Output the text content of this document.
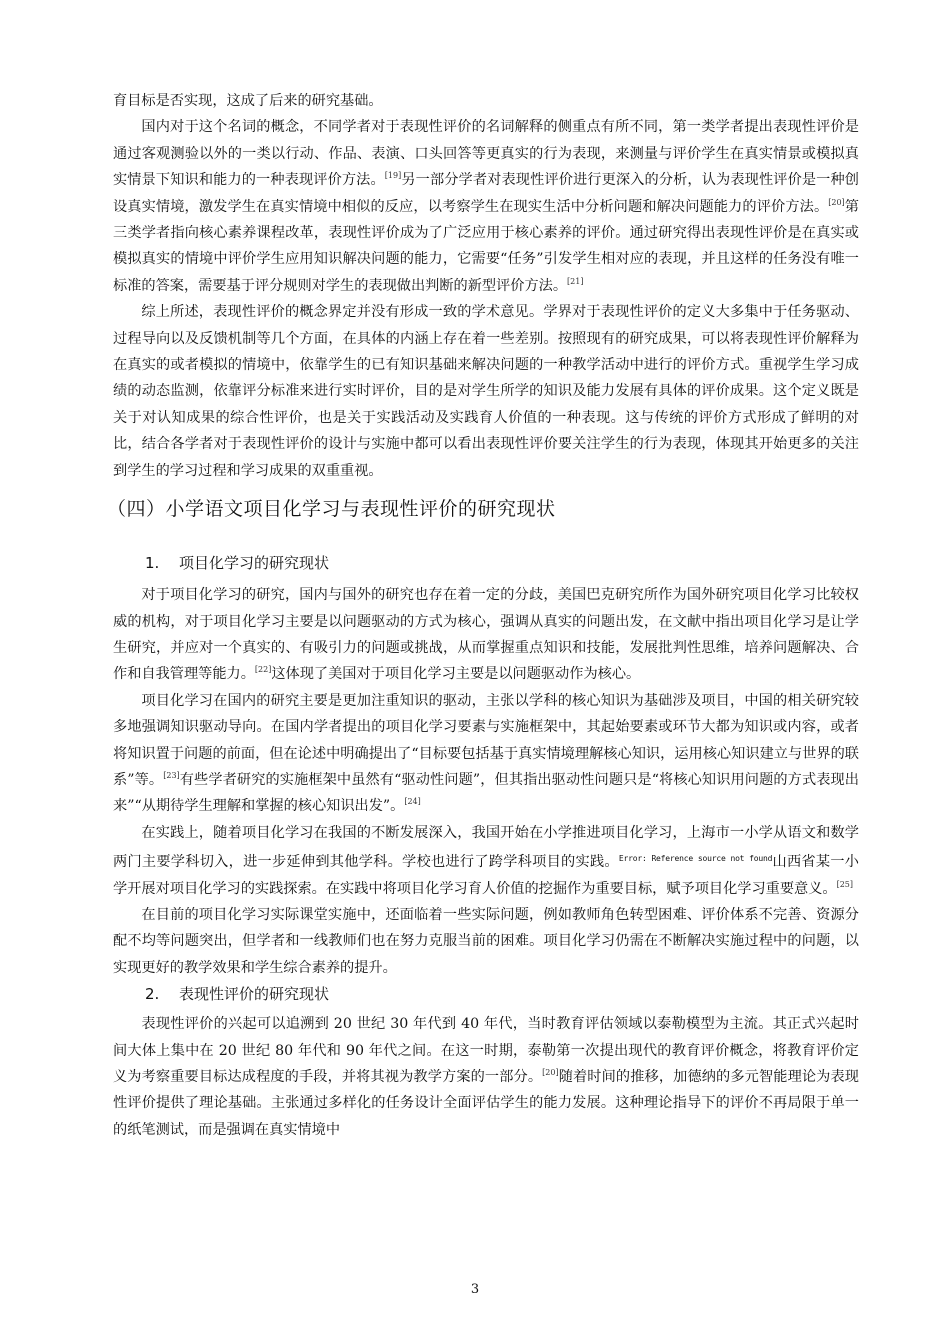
育目标是否实现，这成了后来的研究基础。

国内对于这个名词的概念，不同学者对于表现性评价的名词解释的侧重点有所不同，第一类学者提出表现性评价是通过客观测验以外的一类以行动、作品、表演、口头回答等更真实的行为表现，来测量与评价学生在真实情景或模拟真实情景下知识和能力的一种表现评价方法。[19]另一部分学者对表现性评价进行更深入的分析，认为表现性评价是一种创设真实情境，激发学生在真实情境中相似的反应，以考察学生在现实生活中分析问题和解决问题能力的评价方法。[20]第三类学者指向核心素养课程改革，表现性评价成为了广泛应用于核心素养的评价。通过研究得出表现性评价是在真实或模拟真实的情境中评价学生应用知识解决问题的能力，它需要“任务”引发学生相对应的表现，并且这样的任务没有唯一标准的答案，需要基于评分规则对学生的表现做出判断的新型评价方法。[21]

综上所述，表现性评价的概念界定并没有形成一致的学术意见。学界对于表现性评价的定义大多集中于任务驱动、过程导向以及反馈机制等几个方面，在具体的内涵上存在着一些差别。按照现有的研究成果，可以将表现性评价解释为在真实的或者模拟的情境中，依靠学生的已有知识基础来解决问题的一种教学活动中进行的评价方式。重视学生学习成绩的动态监测，依靠评分标准来进行实时评价，目的是对学生所学的知识及能力发展有具体的评价成果。这个定义既是关于对认知成果的综合性评价，也是关于实践活动及实践育人价值的一种表现。这与传统的评价方式形成了鲜明的对比，结合各学者对于表现性评价的设计与实施中都可以看出表现性评价要关注学生的行为表现，体现其开始更多的关注到学生的学习过程和学习成果的双重重视。

（四）小学语文项目化学习与表现性评价的研究现状
1. 项目化学习的研究现状

对于项目化学习的研究，国内与国外的研究也存在着一定的分歧，美国巴克研究所作为国外研究项目化学习比较权威的机构，对于项目化学习主要是以问题驱动的方式为核心，强调从真实的问题出发，在文献中指出项目化学习是让学生研究，并应对一个真实的、有吸引力的问题或挑战，从而掌握重点知识和技能，发展批判性思维，培养问题解决、合作和自我管理等能力。[22]这体现了美国对于项目化学习主要是以问题驱动作为核心。

项目化学习在国内的研究主要是更加注重知识的驱动，主张以学科的核心知识为基础涉及项目，中国的相关研究较多地强调知识驱动导向。在国内学者提出的项目化学习要素与实施框架中，其起始要素或环节大都为知识或内容，或者将知识置于问题的前面，但在论述中明确提出了“目标要包括基于真实情境理解核心知识，运用核心知识建立与世界的联系”等。[23]有些学者研究的实施框架中虽然有“驱动性问题”，但其指出驱动性问题只是“将核心知识用问题的方式表现出来”“从期待学生理解和掌握的核心知识出发”。[24]

在实践上，随着项目化学习在我国的不断发展深入，我国开始在小学推进项目化学习，上海市一小学从语文和数学两门主要学科切入，进一步延伸到其他学科。学校也进行了跨学科项目的实践。$^{Error: Reference source not found}$山西省某一小学开展对项目化学习的实践探索。在实践中将项目化学习育人价值的挖掘作为重要目标，赋予项目化学习重要意义。[25]

在目前的项目化学习实际课堂实施中，还面临着一些实际问题，例如教师角色转型困难、评价体系不完善、资源分配不均等问题突出，但学者和一线教师们也在努力克服当前的困难。项目化学习仍需在不断解决实施过程中的问题，以实现更好的教学效果和学生综合素养的提升。

2. 表现性评价的研究现状

表现性评价的兴起可以追溯到 20 世纪 30 年代到 40 年代，当时教育评估领域以泰勒模型为主流。其正式兴起时间大体上集中在 20 世纪 80 年代和 90 年代之间。在这一时期，泰勒第一次提出现代的教育评价概念，将教育评价定义为考察重要目标达成程度的手段，并将其视为教学方案的一部分。[20]随着时间的推移，加德纳的多元智能理论为表现性评价提供了理论基础。主张通过多样化的任务设计全面评估学生的能力发展。这种理论指导下的评价不再局限于单一的纸笔测试，而是强调在真实情境中

3
